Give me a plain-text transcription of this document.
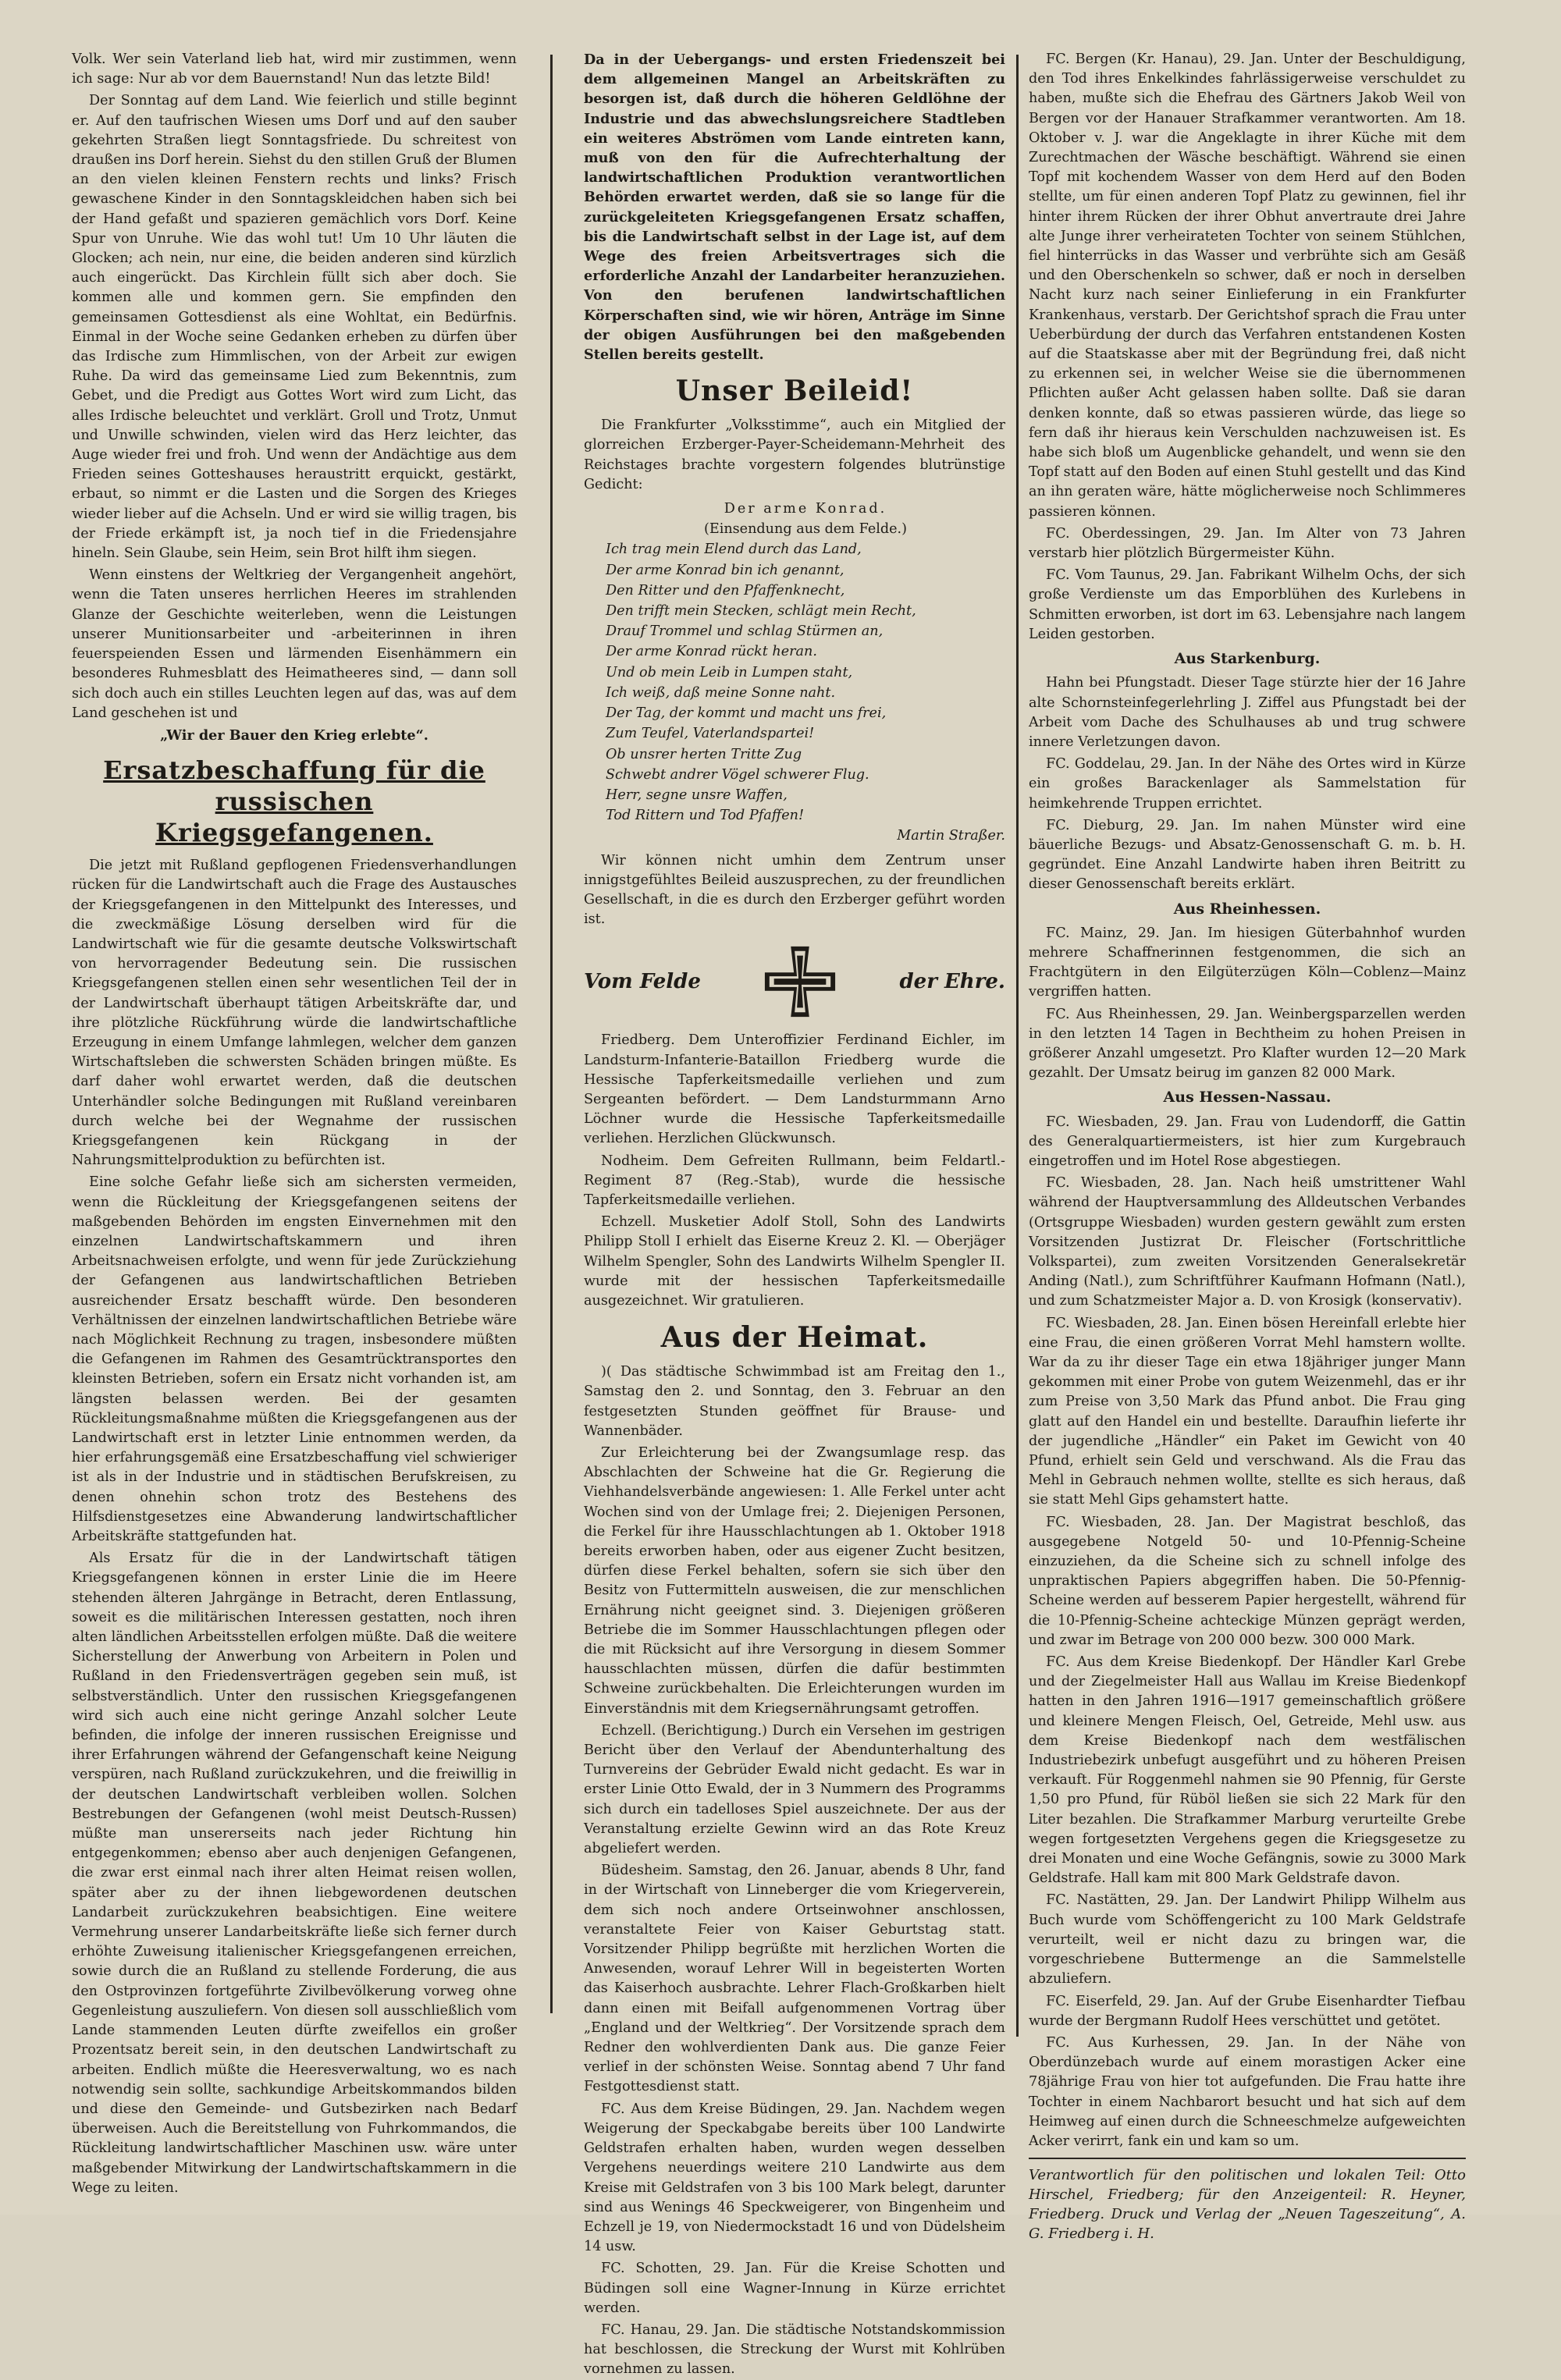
Volk. Wer sein Vaterland lieb hat, wird mir zustimmen, wenn ich sage: Nur ab vor dem Bauernstand! Nun das letzte Bild!

Der Sonntag auf dem Land. Wie feierlich und stille beginnt er. Auf den taufrischen Wiesen ums Dorf und auf den sauber gekehrten Straßen liegt Sonntagsfriede. Du schreitest von draußen ins Dorf herein. Siehst du den stillen Gruß der Blumen an den vielen kleinen Fenstern rechts und links? Frisch gewaschene Kinder in den Sonntagskleidchen haben sich bei der Hand gefaßt und spazieren gemächlich vors Dorf. Keine Spur von Unruhe. Wie das wohl tut! Um 10 Uhr läuten die Glocken; ach nein, nur eine, die beiden anderen sind kürzlich auch eingerückt. Das Kirchlein füllt sich aber doch. Sie kommen alle und kommen gern. Sie empfinden den gemeinsamen Gottesdienst als eine Wohltat, ein Bedürfnis. Einmal in der Woche seine Gedanken erheben zu dürfen über das Irdische zum Himmlischen, von der Arbeit zur ewigen Ruhe. Da wird das gemeinsame Lied zum Bekenntnis, zum Gebet, und die Predigt aus Gottes Wort wird zum Licht, das alles Irdische beleuchtet und verklärt. Groll und Trotz, Unmut und Unwille schwinden, vielen wird das Herz leichter, das Auge wieder frei und froh. Und wenn der Andächtige aus dem Frieden seines Gotteshauses heraustritt erquickt, gestärkt, erbaut, so nimmt er die Lasten und die Sorgen des Krieges wieder lieber auf die Achseln. Und er wird sie willig tragen, bis der Friede erkämpft ist, ja noch tief in die Friedensjahre hineln. Sein Glaube, sein Heim, sein Brot hilft ihm siegen.

Wenn einstens der Weltkrieg der Vergangenheit angehört, wenn die Taten unseres herrlichen Heeres im strahlenden Glanze der Geschichte weiterleben, wenn die Leistungen unserer Munitionsarbeiter und -arbeiterinnen in ihren feuerspeienden Essen und lärmenden Eisenhämmern ein besonderes Ruhmesblatt des Heimatheeres sind, — dann soll sich doch auch ein stilles Leuchten legen auf das, was auf dem Land geschehen ist und

„Wir der Bauer den Krieg erlebte“.

Ersatzbeschaffung für die russischen Kriegsgefangenen.

Die jetzt mit Rußland gepflogenen Friedensverhandlungen rücken für die Landwirtschaft auch die Frage des Austausches der Kriegsgefangenen in den Mittelpunkt des Interesses, und die zweckmäßige Lösung derselben wird für die Landwirtschaft wie für die gesamte deutsche Volkswirtschaft von hervorragender Bedeutung sein. Die russischen Kriegsgefangenen stellen einen sehr wesentlichen Teil der in der Landwirtschaft überhaupt tätigen Arbeitskräfte dar, und ihre plötzliche Rückführung würde die landwirtschaftliche Erzeugung in einem Umfange lahmlegen, welcher dem ganzen Wirtschaftsleben die schwersten Schäden bringen müßte. Es darf daher wohl erwartet werden, daß die deutschen Unterhändler solche Bedingungen mit Rußland vereinbaren durch welche bei der Wegnahme der russischen Kriegsgefangenen kein Rückgang in der Nahrungsmittelproduktion zu befürchten ist.

Eine solche Gefahr ließe sich am sichersten vermeiden, wenn die Rückleitung der Kriegsgefangenen seitens der maßgebenden Behörden im engsten Einvernehmen mit den einzelnen Landwirtschaftskammern und ihren Arbeitsnachweisen erfolgte, und wenn für jede Zurückziehung der Gefangenen aus landwirtschaftlichen Betrieben ausreichender Ersatz beschafft würde. Den besonderen Verhältnissen der einzelnen landwirtschaftlichen Betriebe wäre nach Möglichkeit Rechnung zu tragen, insbesondere müßten die Gefangenen im Rahmen des Gesamtrücktransportes den kleinsten Betrieben, sofern ein Ersatz nicht vorhanden ist, am längsten belassen werden. Bei der gesamten Rückleitungsmaßnahme müßten die Kriegsgefangenen aus der Landwirtschaft erst in letzter Linie entnommen werden, da hier erfahrungsgemäß eine Ersatzbeschaffung viel schwieriger ist als in der Industrie und in städtischen Berufskreisen, zu denen ohnehin schon trotz des Bestehens des Hilfsdienstgesetzes eine Abwanderung landwirtschaftlicher Arbeitskräfte stattgefunden hat.

Als Ersatz für die in der Landwirtschaft tätigen Kriegsgefangenen können in erster Linie die im Heere stehenden älteren Jahrgänge in Betracht, deren Entlassung, soweit es die militärischen Interessen gestatten, noch ihren alten ländlichen Arbeitsstellen erfolgen müßte. Daß die weitere Sicherstellung der Anwerbung von Arbeitern in Polen und Rußland in den Friedensverträgen gegeben sein muß, ist selbstverständlich. Unter den russischen Kriegsgefangenen wird sich auch eine nicht geringe Anzahl solcher Leute befinden, die infolge der inneren russischen Ereignisse und ihrer Erfahrungen während der Gefangenschaft keine Neigung verspüren, nach Rußland zurückzukehren, und die freiwillig in der deutschen Landwirtschaft verbleiben wollen. Solchen Bestrebungen der Gefangenen (wohl meist Deutsch-Russen) müßte man unsererseits nach jeder Richtung hin entgegenkommen; ebenso aber auch denjenigen Gefangenen, die zwar erst einmal nach ihrer alten Heimat reisen wollen, später aber zu der ihnen liebgewordenen deutschen Landarbeit zurückzukehren beabsichtigen. Eine weitere Vermehrung unserer Landarbeitskräfte ließe sich ferner durch erhöhte Zuweisung italienischer Kriegsgefangenen erreichen, sowie durch die an Rußland zu stellende Forderung, die aus den Ostprovinzen fortgeführte Zivilbevölkerung vorweg ohne Gegenleistung auszuliefern. Von diesen soll ausschließlich vom Lande stammenden Leuten dürfte zweifellos ein großer Prozentsatz bereit sein, in den deutschen Landwirtschaft zu arbeiten. Endlich müßte die Heeresverwaltung, wo es nach notwendig sein sollte, sachkundige Arbeitskommandos bilden und diese den Gemeinde- und Gutsbezirken nach Bedarf überweisen. Auch die Bereitstellung von Fuhrkommandos, die Rückleitung landwirtschaftlicher Maschinen usw. wäre unter maßgebender Mitwirkung der Landwirtschaftskammern in die Wege zu leiten.

Da in der Uebergangs- und ersten Friedenszeit bei dem allgemeinen Mangel an Arbeitskräften zu besorgen ist, daß durch die höheren Geldlöhne der Industrie und das abwechslungsreichere Stadtleben ein weiteres Abströmen vom Lande eintreten kann, muß von den für die Aufrechterhaltung der landwirtschaftlichen Produktion verantwortlichen Behörden erwartet werden, daß sie so lange für die zurückgeleiteten Kriegsgefangenen Ersatz schaffen, bis die Landwirtschaft selbst in der Lage ist, auf dem Wege des freien Arbeitsvertrages sich die erforderliche Anzahl der Landarbeiter heranzuziehen. Von den berufenen landwirtschaftlichen Körperschaften sind, wie wir hören, Anträge im Sinne der obigen Ausführungen bei den maßgebenden Stellen bereits gestellt.

Unser Beileid!

Die Frankfurter „Volksstimme“, auch ein Mitglied der glorreichen Erzberger-Payer-Scheidemann-Mehrheit des Reichstages brachte vorgestern folgendes blutrünstige Gedicht:

Der arme Konrad.
(Einsendung aus dem Felde.)
Ich trag mein Elend durch das Land,
Der arme Konrad bin ich genannt,
Den Ritter und den Pfaffenknecht,
Den trifft mein Stecken, schlägt mein Recht,
Drauf Trommel und schlag Stürmen an,
Der arme Konrad rückt heran.
Und ob mein Leib in Lumpen staht,
Ich weiß, daß meine Sonne naht.
Der Tag, der kommt und macht uns frei,
Zum Teufel, Vaterlandspartei!
Ob unsrer herten Tritte Zug
Schwebt andrer Vögel schwerer Flug.
Herr, segne unsre Waffen,
Tod Rittern und Tod Pfaffen!
Martin Straßer.

Wir können nicht umhin dem Zentrum unser innigstgefühltes Beileid auszusprechen, zu der freundlichen Gesellschaft, in die es durch den Erzberger geführt worden ist.

Vom Felde	der Ehre.

Friedberg. Dem Unteroffizier Ferdinand Eichler, im Landsturm-Infanterie-Bataillon Friedberg wurde die Hessische Tapferkeitsmedaille verliehen und zum Sergeanten befördert. — Dem Landsturmmann Arno Löchner wurde die Hessische Tapferkeitsmedaille verliehen. Herzlichen Glückwunsch.

Nodheim. Dem Gefreiten Rullmann, beim Feldartl.-Regiment 87 (Reg.-Stab), wurde die hessische Tapferkeitsmedaille verliehen.

Echzell. Musketier Adolf Stoll, Sohn des Landwirts Philipp Stoll I erhielt das Eiserne Kreuz 2. Kl. — Oberjäger Wilhelm Spengler, Sohn des Landwirts Wilhelm Spengler II. wurde mit der hessischen Tapferkeitsmedaille ausgezeichnet. Wir gratulieren.

Aus der Heimat.

)( Das städtische Schwimmbad ist am Freitag den 1., Samstag den 2. und Sonntag, den 3. Februar an den festgesetzten Stunden geöffnet für Brause- und Wannenbäder.

Zur Erleichterung bei der Zwangsumlage resp. das Abschlachten der Schweine hat die Gr. Regierung die Viehhandelsverbände angewiesen: 1. Alle Ferkel unter acht Wochen sind von der Umlage frei; 2. Diejenigen Personen, die Ferkel für ihre Hausschlachtungen ab 1. Oktober 1918 bereits erworben haben, oder aus eigener Zucht besitzen, dürfen diese Ferkel behalten, sofern sie sich über den Besitz von Futtermitteln ausweisen, die zur menschlichen Ernährung nicht geeignet sind. 3. Diejenigen größeren Betriebe die im Sommer Hausschlachtungen pflegen oder die mit Rücksicht auf ihre Versorgung in diesem Sommer hausschlachten müssen, dürfen die dafür bestimmten Schweine zurückbehalten. Die Erleichterungen wurden im Einverständnis mit dem Kriegsernährungsamt getroffen.

Echzell. (Berichtigung.) Durch ein Versehen im gestrigen Bericht über den Verlauf der Abendunterhaltung des Turnvereins der Gebrüder Ewald nicht gedacht. Es war in erster Linie Otto Ewald, der in 3 Nummern des Programms sich durch ein tadelloses Spiel auszeichnete. Der aus der Veranstaltung erzielte Gewinn wird an das Rote Kreuz abgeliefert werden.

Büdesheim. Samstag, den 26. Januar, abends 8 Uhr, fand in der Wirtschaft von Linneberger die vom Kriegerverein, dem sich noch andere Ortseinwohner anschlossen, veranstaltete Feier von Kaiser Geburtstag statt. Vorsitzender Philipp begrüßte mit herzlichen Worten die Anwesenden, worauf Lehrer Will in begeisterten Worten das Kaiserhoch ausbrachte. Lehrer Flach-Großkarben hielt dann einen mit Beifall aufgenommenen Vortrag über „England und der Weltkrieg“. Der Vorsitzende sprach dem Redner den wohlverdienten Dank aus. Die ganze Feier verlief in der schönsten Weise. Sonntag abend 7 Uhr fand Festgottesdienst statt.

FC. Aus dem Kreise Büdingen, 29. Jan. Nachdem wegen Weigerung der Speckabgabe bereits über 100 Landwirte Geldstrafen erhalten haben, wurden wegen desselben Vergehens neuerdings weitere 210 Landwirte aus dem Kreise mit Geldstrafen von 3 bis 100 Mark belegt, darunter sind aus Wenings 46 Speckweigerer, von Bingenheim und Echzell je 19, von Niedermockstadt 16 und von Düdelsheim 14 usw.

FC. Schotten, 29. Jan. Für die Kreise Schotten und Büdingen soll eine Wagner-Innung in Kürze errichtet werden.

FC. Hanau, 29. Jan. Die städtische Notstandskommission hat beschlossen, die Streckung der Wurst mit Kohlrüben vornehmen zu lassen.

FC. Bergen (Kr. Hanau), 29. Jan. Unter der Beschuldigung, den Tod ihres Enkelkindes fahrlässigerweise verschuldet zu haben, mußte sich die Ehefrau des Gärtners Jakob Weil von Bergen vor der Hanauer Strafkammer verantworten. Am 18. Oktober v. J. war die Angeklagte in ihrer Küche mit dem Zurechtmachen der Wäsche beschäftigt. Während sie einen Topf mit kochendem Wasser von dem Herd auf den Boden stellte, um für einen anderen Topf Platz zu gewinnen, fiel ihr hinter ihrem Rücken der ihrer Obhut anvertraute drei Jahre alte Junge ihrer verheirateten Tochter von seinem Stühlchen, fiel hinterrücks in das Wasser und verbrühte sich am Gesäß und den Oberschenkeln so schwer, daß er noch in derselben Nacht kurz nach seiner Einlieferung in ein Frankfurter Krankenhaus, verstarb. Der Gerichtshof sprach die Frau unter Ueberbürdung der durch das Verfahren entstandenen Kosten auf die Staatskasse aber mit der Begründung frei, daß nicht zu erkennen sei, in welcher Weise sie die übernommenen Pflichten außer Acht gelassen haben sollte. Daß sie daran denken konnte, daß so etwas passieren würde, das liege so fern daß ihr hieraus kein Verschulden nachzuweisen ist. Es habe sich bloß um Augenblicke gehandelt, und wenn sie den Topf statt auf den Boden auf einen Stuhl gestellt und das Kind an ihn geraten wäre, hätte möglicherweise noch Schlimmeres passieren können.

FC. Oberdessingen, 29. Jan. Im Alter von 73 Jahren verstarb hier plötzlich Bürgermeister Kühn.

FC. Vom Taunus, 29. Jan. Fabrikant Wilhelm Ochs, der sich große Verdienste um das Emporblühen des Kurlebens in Schmitten erworben, ist dort im 63. Lebensjahre nach langem Leiden gestorben.

Aus Starkenburg.

Hahn bei Pfungstadt. Dieser Tage stürzte hier der 16 Jahre alte Schornsteinfegerlehrling J. Ziffel aus Pfungstadt bei der Arbeit vom Dache des Schulhauses ab und trug schwere innere Verletzungen davon.

FC. Goddelau, 29. Jan. In der Nähe des Ortes wird in Kürze ein großes Barackenlager als Sammelstation für heimkehrende Truppen errichtet.

FC. Dieburg, 29. Jan. Im nahen Münster wird eine bäuerliche Bezugs- und Absatz-Genossenschaft G. m. b. H. gegründet. Eine Anzahl Landwirte haben ihren Beitritt zu dieser Genossenschaft bereits erklärt.

Aus Rheinhessen.

FC. Mainz, 29. Jan. Im hiesigen Güterbahnhof wurden mehrere Schaffnerinnen festgenommen, die sich an Frachtgütern in den Eilgüterzügen Köln—Coblenz—Mainz vergriffen hatten.

FC. Aus Rheinhessen, 29. Jan. Weinbergsparzellen werden in den letzten 14 Tagen in Bechtheim zu hohen Preisen in größerer Anzahl umgesetzt. Pro Klafter wurden 12—20 Mark gezahlt. Der Umsatz beirug im ganzen 82 000 Mark.

Aus Hessen-Nassau.

FC. Wiesbaden, 29. Jan. Frau von Ludendorff, die Gattin des Generalquartiermeisters, ist hier zum Kurgebrauch eingetroffen und im Hotel Rose abgestiegen.

FC. Wiesbaden, 28. Jan. Nach heiß umstrittener Wahl während der Hauptversammlung des Alldeutschen Verbandes (Ortsgruppe Wiesbaden) wurden gestern gewählt zum ersten Vorsitzenden Justizrat Dr. Fleischer (Fortschrittliche Volkspartei), zum zweiten Vorsitzenden Generalsekretär Anding (Natl.), zum Schriftführer Kaufmann Hofmann (Natl.), und zum Schatzmeister Major a. D. von Krosigk (konservativ).

FC. Wiesbaden, 28. Jan. Einen bösen Hereinfall erlebte hier eine Frau, die einen größeren Vorrat Mehl hamstern wollte. War da zu ihr dieser Tage ein etwa 18jähriger junger Mann gekommen mit einer Probe von gutem Weizenmehl, das er ihr zum Preise von 3,50 Mark das Pfund anbot. Die Frau ging glatt auf den Handel ein und bestellte. Daraufhin lieferte ihr der jugendliche „Händler“ ein Paket im Gewicht von 40 Pfund, erhielt sein Geld und verschwand. Als die Frau das Mehl in Gebrauch nehmen wollte, stellte es sich heraus, daß sie statt Mehl Gips gehamstert hatte.

FC. Wiesbaden, 28. Jan. Der Magistrat beschloß, das ausgegebene Notgeld 50- und 10-Pfennig-Scheine einzuziehen, da die Scheine sich zu schnell infolge des unpraktischen Papiers abgegriffen haben. Die 50-Pfennig-Scheine werden auf besserem Papier hergestellt, während für die 10-Pfennig-Scheine achteckige Münzen geprägt werden, und zwar im Betrage von 200 000 bezw. 300 000 Mark.

FC. Aus dem Kreise Biedenkopf. Der Händler Karl Grebe und der Ziegelmeister Hall aus Wallau im Kreise Biedenkopf hatten in den Jahren 1916—1917 gemeinschaftlich größere und kleinere Mengen Fleisch, Oel, Getreide, Mehl usw. aus dem Kreise Biedenkopf nach dem westfälischen Industriebezirk unbefugt ausgeführt und zu höheren Preisen verkauft. Für Roggenmehl nahmen sie 90 Pfennig, für Gerste 1,50 pro Pfund, für Rüböl ließen sie sich 22 Mark für den Liter bezahlen. Die Strafkammer Marburg verurteilte Grebe wegen fortgesetzten Vergehens gegen die Kriegsgesetze zu drei Monaten und eine Woche Gefängnis, sowie zu 3000 Mark Geldstrafe. Hall kam mit 800 Mark Geldstrafe davon.

FC. Nastätten, 29. Jan. Der Landwirt Philipp Wilhelm aus Buch wurde vom Schöffengericht zu 100 Mark Geldstrafe verurteilt, weil er nicht dazu zu bringen war, die vorgeschriebene Buttermenge an die Sammelstelle abzuliefern.

FC. Eiserfeld, 29. Jan. Auf der Grube Eisenhardter Tiefbau wurde der Bergmann Rudolf Hees verschüttet und getötet.

FC. Aus Kurhessen, 29. Jan. In der Nähe von Oberdünzebach wurde auf einem morastigen Acker eine 78jährige Frau von hier tot aufgefunden. Die Frau hatte ihre Tochter in einem Nachbarort besucht und hat sich auf dem Heimweg auf einen durch die Schneeschmelze aufgeweichten Acker verirrt, fank ein und kam so um.

Verantwortlich für den politischen und lokalen Teil: Otto Hirschel, Friedberg; für den Anzeigenteil: R. Heyner, Friedberg. Druck und Verlag der „Neuen Tageszeitung“, A. G. Friedberg i. H.
